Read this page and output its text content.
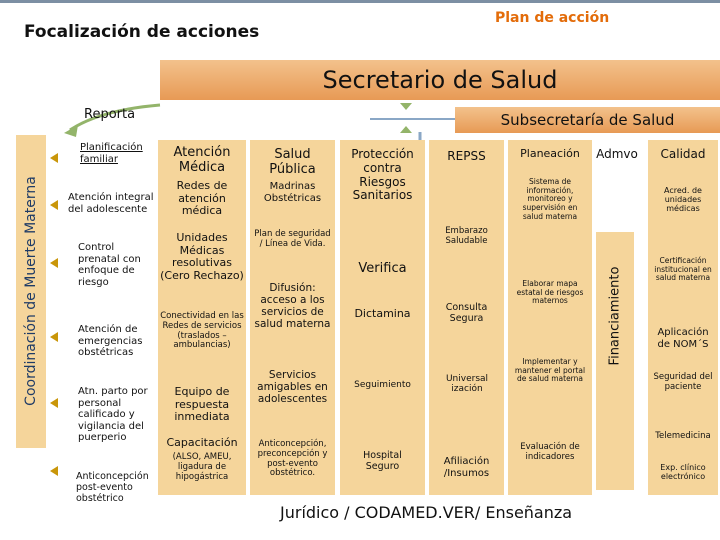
Focalización de acciones
Plan de acción
Secretario de Salud
Reporta	Subsecretaría de Salud
Coordinación de Muerte Materna
Planificación familiar
Atención integral del adolescente
Control prenatal con enfoque de riesgo
Atención de emergencias obstétricas
Atn. parto por personal calificado y vigilancia del puerperio
Anticoncepción post-evento obstétrico
Atención Médica
Redes de atención médica
Unidades Médicas resolutivas (Cero Rechazo)
Conectividad en las Redes de servicios (traslados – ambulancias)
Equipo de respuesta inmediata
Capacitación
(ALSO, AMEU, ligadura de hipogástrica
Salud Pública
Madrinas Obstétricas
Plan de seguridad / Línea de Vida.
Difusión: acceso a los servicios de salud materna
Servicios amigables en adolescentes
Anticoncepción, preconcepción y post-evento obstétrico.
Protección contra Riesgos Sanitarios
Verifica
Dictamina
Seguimiento
Hospital Seguro
REPSS
Embarazo Saludable
Consulta Segura
Universalización
Afiliación /Insumos
Planeación
Sistema de información, monitoreo y supervisión en salud materna
Elaborar mapa estatal de riesgos maternos
Implementar y mantener el portal de salud materna
Evaluación de indicadores
Admvo
Financiamiento
Calidad
Acred. de unidades médicas
Certificación institucional en salud materna
Aplicación de NOM´S
Seguridad del paciente
Telemedicina
Exp. clínico electrónico
Jurídico / CODAMED.VER/ Enseñanza
